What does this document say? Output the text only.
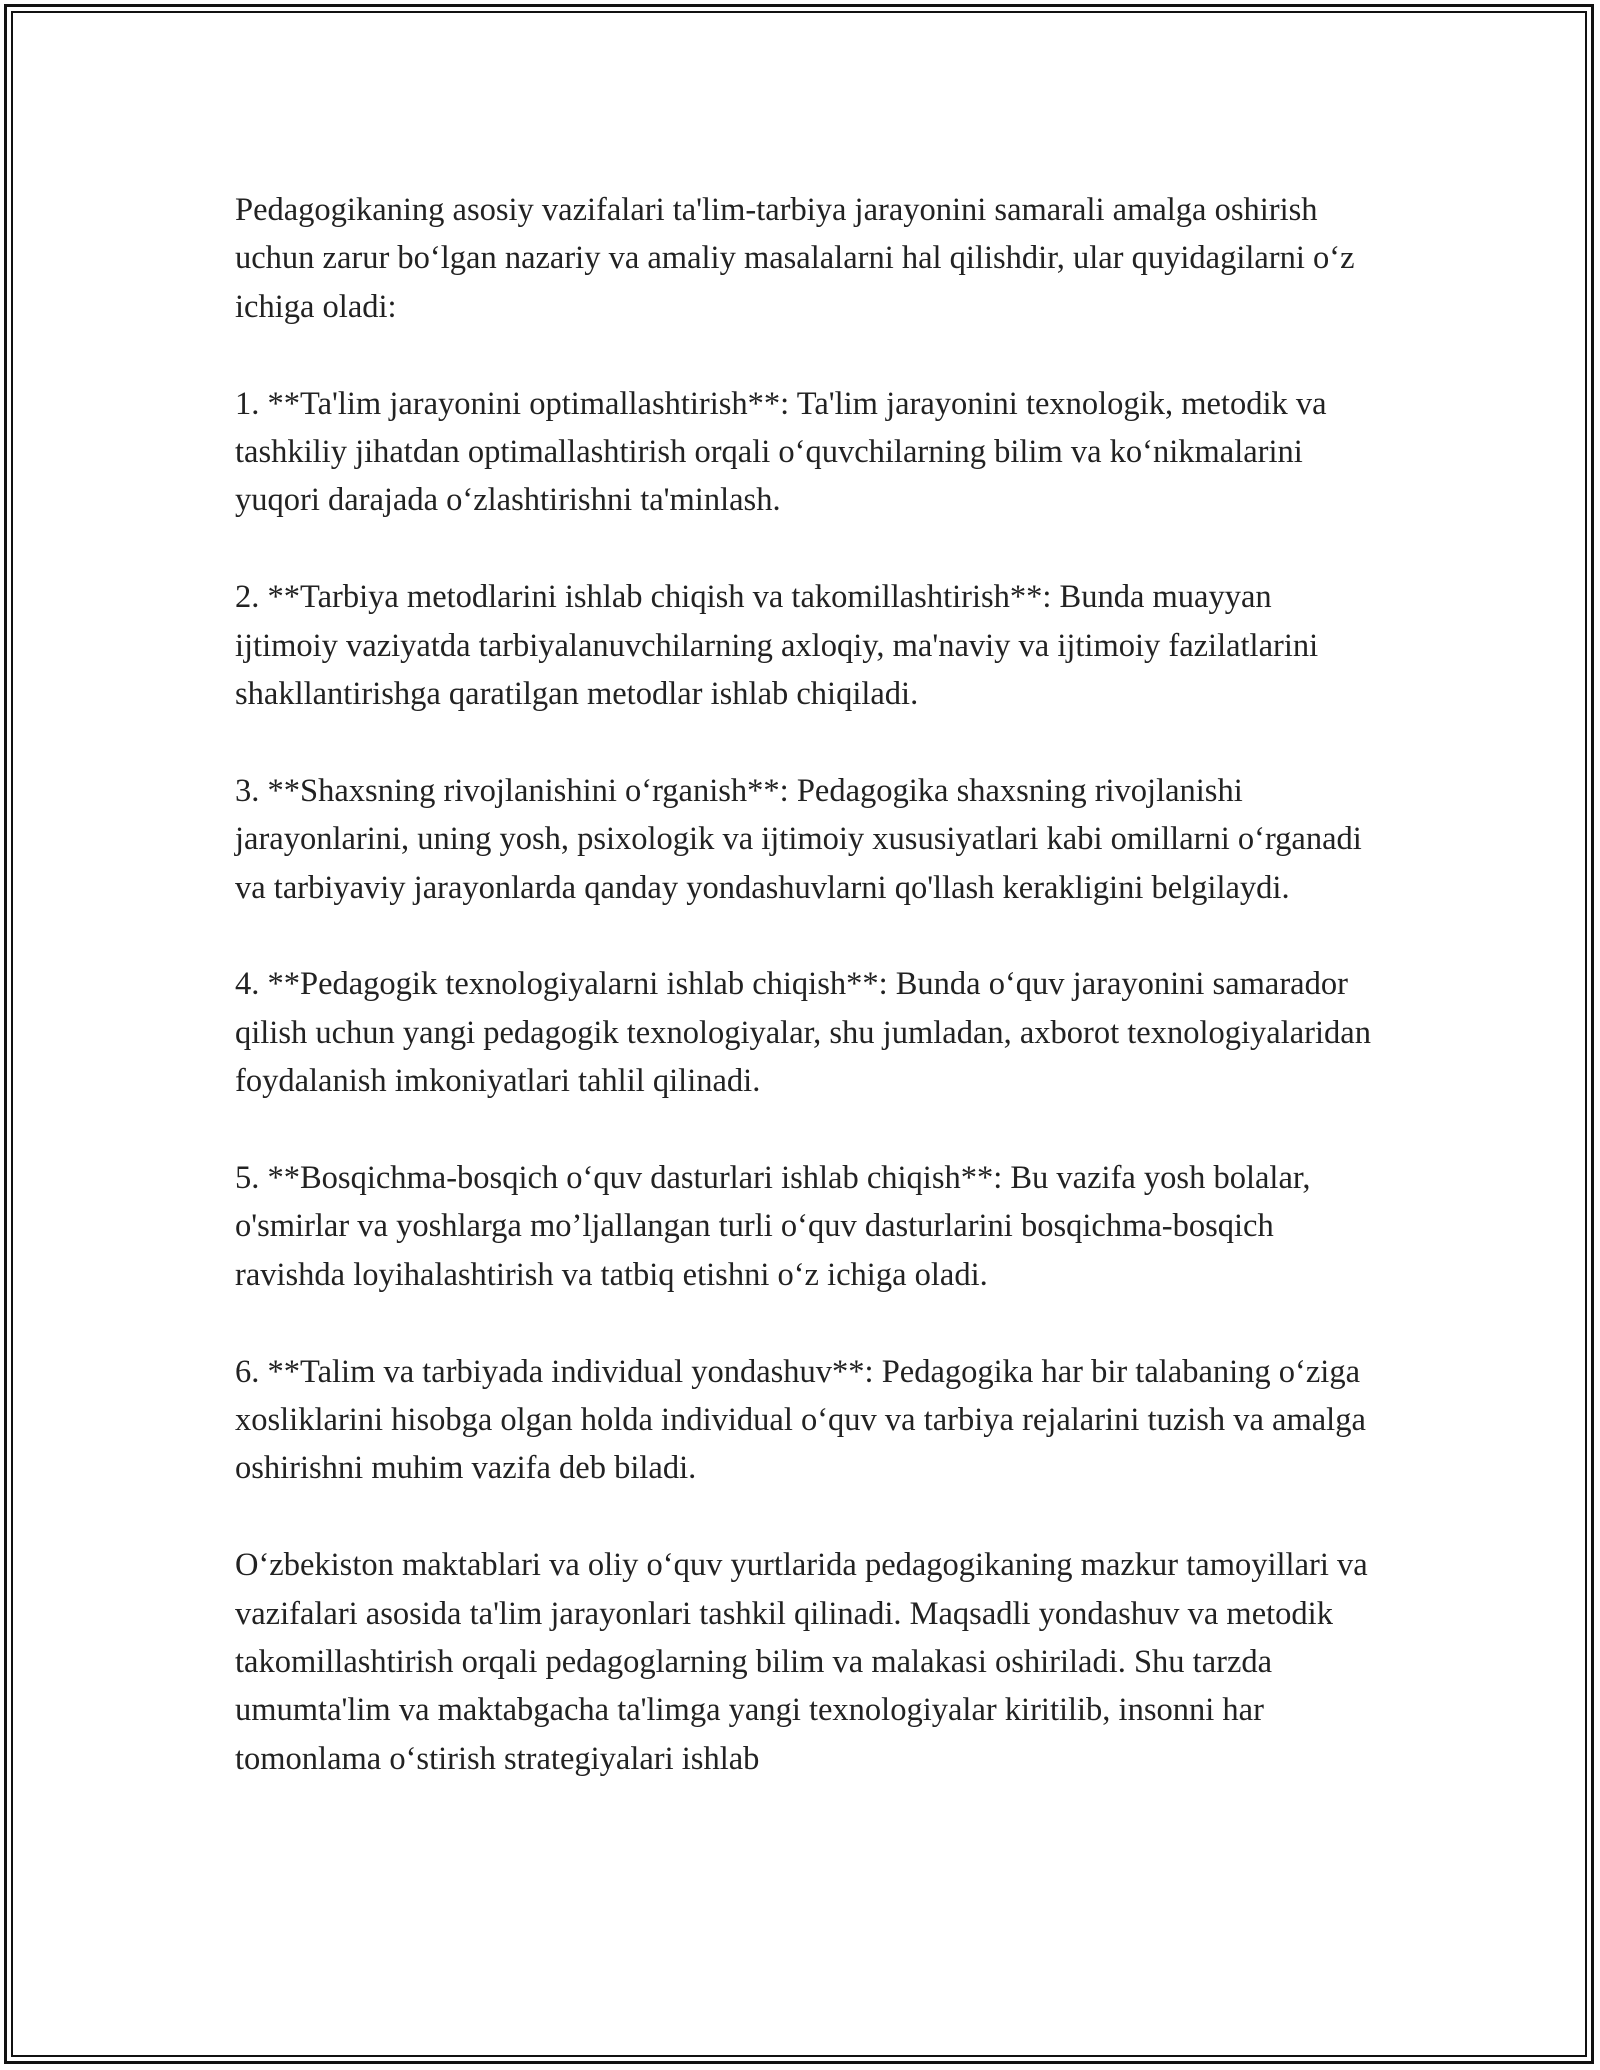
Pedagogikaning asosiy vazifalari ta'lim-tarbiya jarayonini samarali amalga oshirish uchun zarur bo‘lgan nazariy va amaliy masalalarni hal qilishdir, ular quyidagilarni o‘z ichiga oladi:

1. **Ta'lim jarayonini optimallashtirish**: Ta'lim jarayonini texnologik, metodik va tashkiliy jihatdan optimallashtirish orqali o‘quvchilarning bilim va ko‘nikmalarini yuqori darajada o‘zlashtirishni ta'minlash.

2. **Tarbiya metodlarini ishlab chiqish va takomillashtirish**: Bunda muayyan ijtimoiy vaziyatda tarbiyalanuvchilarning axloqiy, ma'naviy va ijtimoiy fazilatlarini shakllantirishga qaratilgan metodlar ishlab chiqiladi.

3. **Shaxsning rivojlanishini o‘rganish**: Pedagogika shaxsning rivojlanishi jarayonlarini, uning yosh, psixologik va ijtimoiy xususiyatlari kabi omillarni o‘rganadi va tarbiyaviy jarayonlarda qanday yondashuvlarni qo'llash kerakligini belgilaydi.

4. **Pedagogik texnologiyalarni ishlab chiqish**: Bunda o‘quv jarayonini samarador qilish uchun yangi pedagogik texnologiyalar, shu jumladan, axborot texnologiyalaridan foydalanish imkoniyatlari tahlil qilinadi.

5. **Bosqichma-bosqich o‘quv dasturlari ishlab chiqish**: Bu vazifa yosh bolalar, o'smirlar va yoshlarga mo’ljallangan turli o‘quv dasturlarini bosqichma-bosqich ravishda loyihalashtirish va tatbiq etishni o‘z ichiga oladi.

6. **Talim va tarbiyada individual yondashuv**: Pedagogika har bir talabaning o‘ziga xosliklarini hisobga olgan holda individual o‘quv va tarbiya rejalarini tuzish va amalga oshirishni muhim vazifa deb biladi.

O‘zbekiston maktablari va oliy o‘quv yurtlarida pedagogikaning mazkur tamoyillari va vazifalari asosida ta'lim jarayonlari tashkil qilinadi. Maqsadli yondashuv va metodik takomillashtirish orqali pedagoglarning bilim va malakasi oshiriladi. Shu tarzda umumta'lim va maktabgacha ta'limga yangi texnologiyalar kiritilib, insonni har tomonlama o‘stirish strategiyalari ishlab
